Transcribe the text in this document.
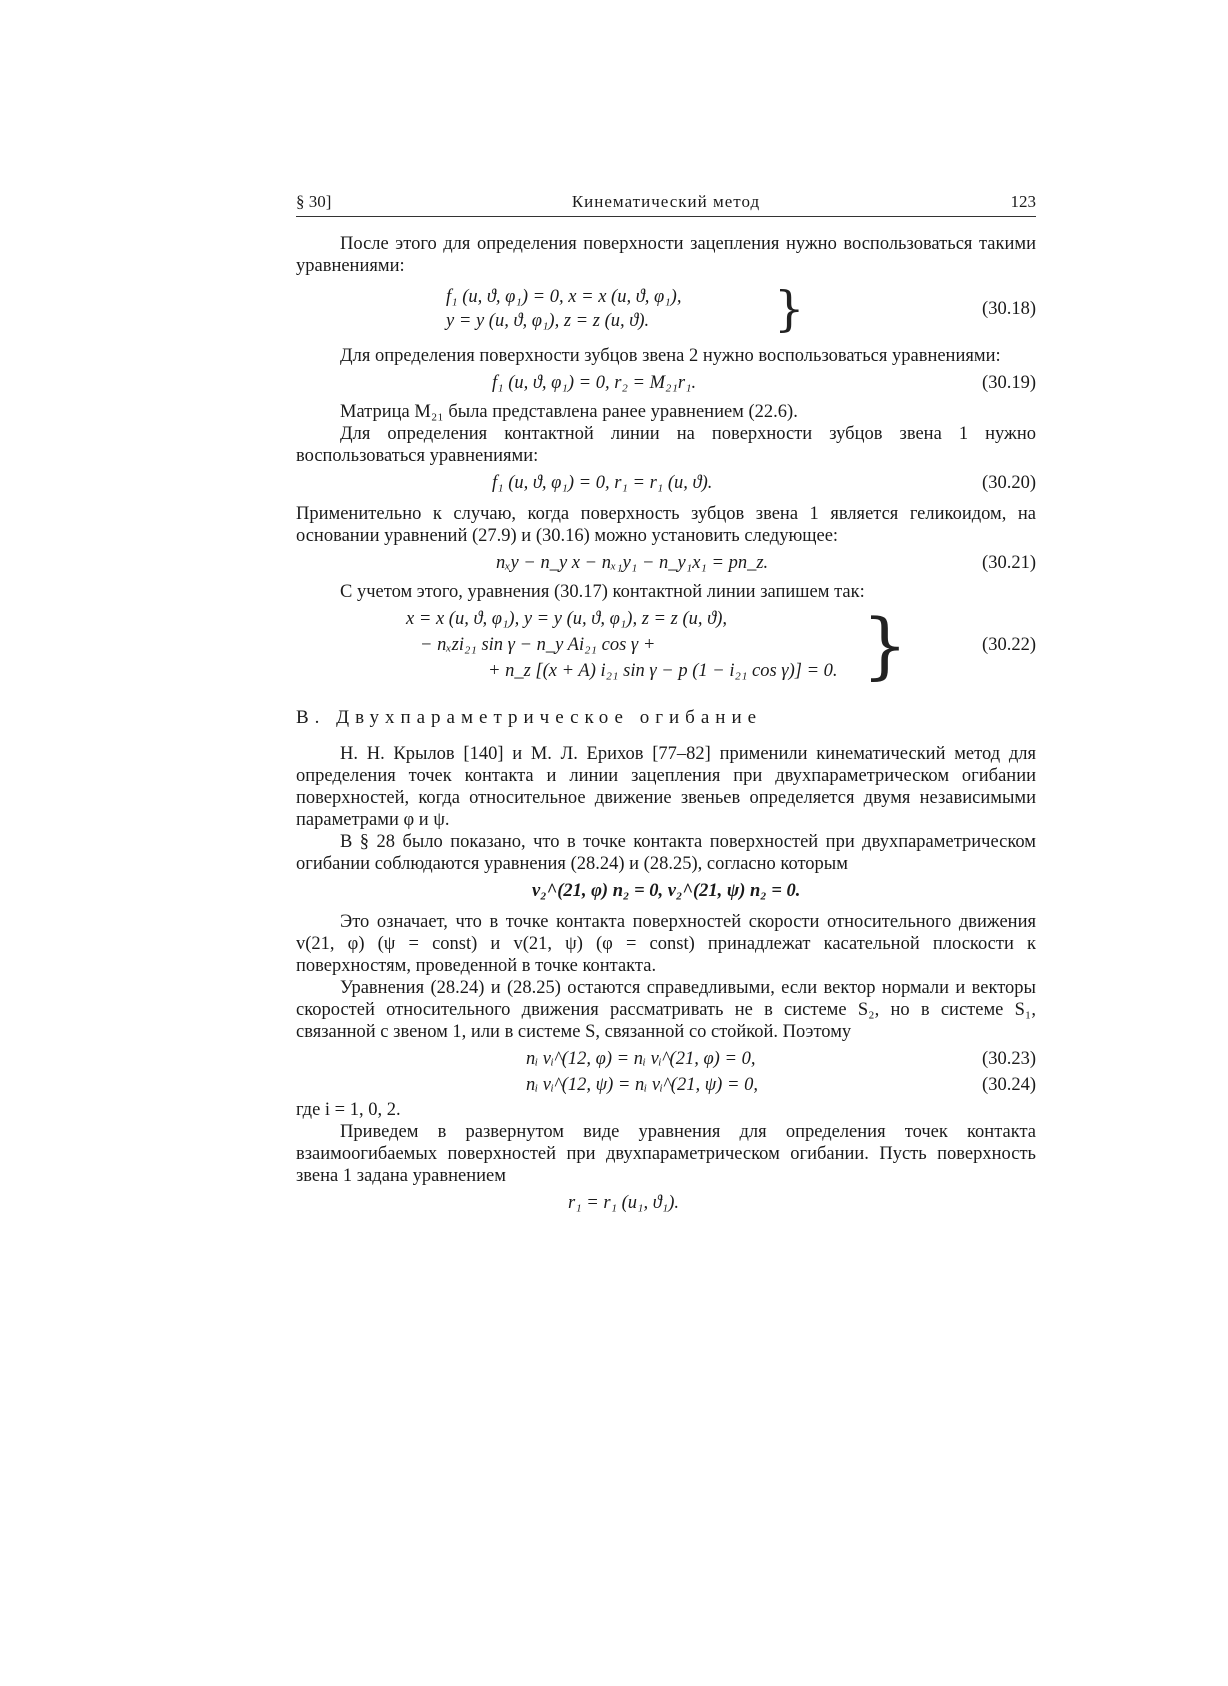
§ 30]	Кинематический метод	123

После этого для определения поверхности зацепления нужно воспользоваться такими уравнениями:

f₁ (u, ϑ, φ₁) = 0, x = x (u, ϑ, φ₁),
y = y (u, ϑ, φ₁), z = z (u, ϑ).	}	(30.18)

Для определения поверхности зубцов звена 2 нужно воспользоваться уравнениями:

f₁ (u, ϑ, φ₁) = 0, r₂ = M₂₁r₁.	(30.19)

Матрица M₂₁ была представлена ранее уравнением (22.6).

Для определения контактной линии на поверхности зубцов звена 1 нужно воспользоваться уравнениями:

f₁ (u, ϑ, φ₁) = 0, r₁ = r₁ (u, ϑ).	(30.20)

Применительно к случаю, когда поверхность зубцов звена 1 является геликоидом, на основании уравнений (27.9) и (30.16) можно установить следующее:

nₓy − n_y x − nₓ₁y₁ − n_y₁x₁ = pn_z.	(30.21)

С учетом этого, уравнения (30.17) контактной линии запишем так:

x = x (u, ϑ, φ₁), y = y (u, ϑ, φ₁), z = z (u, ϑ),
− nₓzi₂₁ sin γ − n_y Ai₂₁ cos γ +
+ n_z [(x + A) i₂₁ sin γ − p (1 − i₂₁ cos γ)] = 0. }	(30.22)
В. Двухпараметрическое огибание

Н. Н. Крылов [140] и М. Л. Ерихов [77–82] применили кинематический метод для определения точек контакта и линии зацепления при двухпараметрическом огибании поверхностей, когда относительное движение звеньев определяется двумя независимыми параметрами φ и ψ.

В § 28 было показано, что в точке контакта поверхностей при двухпараметрическом огибании соблюдаются уравнения (28.24) и (28.25), согласно которым

v₂^(21, φ) n₂ = 0, v₂^(21, ψ) n₂ = 0.

Это означает, что в точке контакта поверхностей скорости относительного движения v(21, φ) (ψ = const) и v(21, ψ) (φ = const) принадлежат касательной плоскости к поверхностям, проведенной в точке контакта.

Уравнения (28.24) и (28.25) остаются справедливыми, если вектор нормали и векторы скоростей относительного движения рассматривать не в системе S₂, но в системе S₁, связанной с звеном 1, или в системе S, связанной со стойкой. Поэтому

nᵢ vᵢ^(12, φ) = nᵢ vᵢ^(21, φ) = 0,	(30.23)
nᵢ vᵢ^(12, ψ) = nᵢ vᵢ^(21, ψ) = 0,	(30.24)

где i = 1, 0, 2.

Приведем в развернутом виде уравнения для определения точек контакта взаимоогибаемых поверхностей при двухпараметрическом огибании. Пусть поверхность звена 1 задана уравнением

r₁ = r₁ (u₁, ϑ₁).
